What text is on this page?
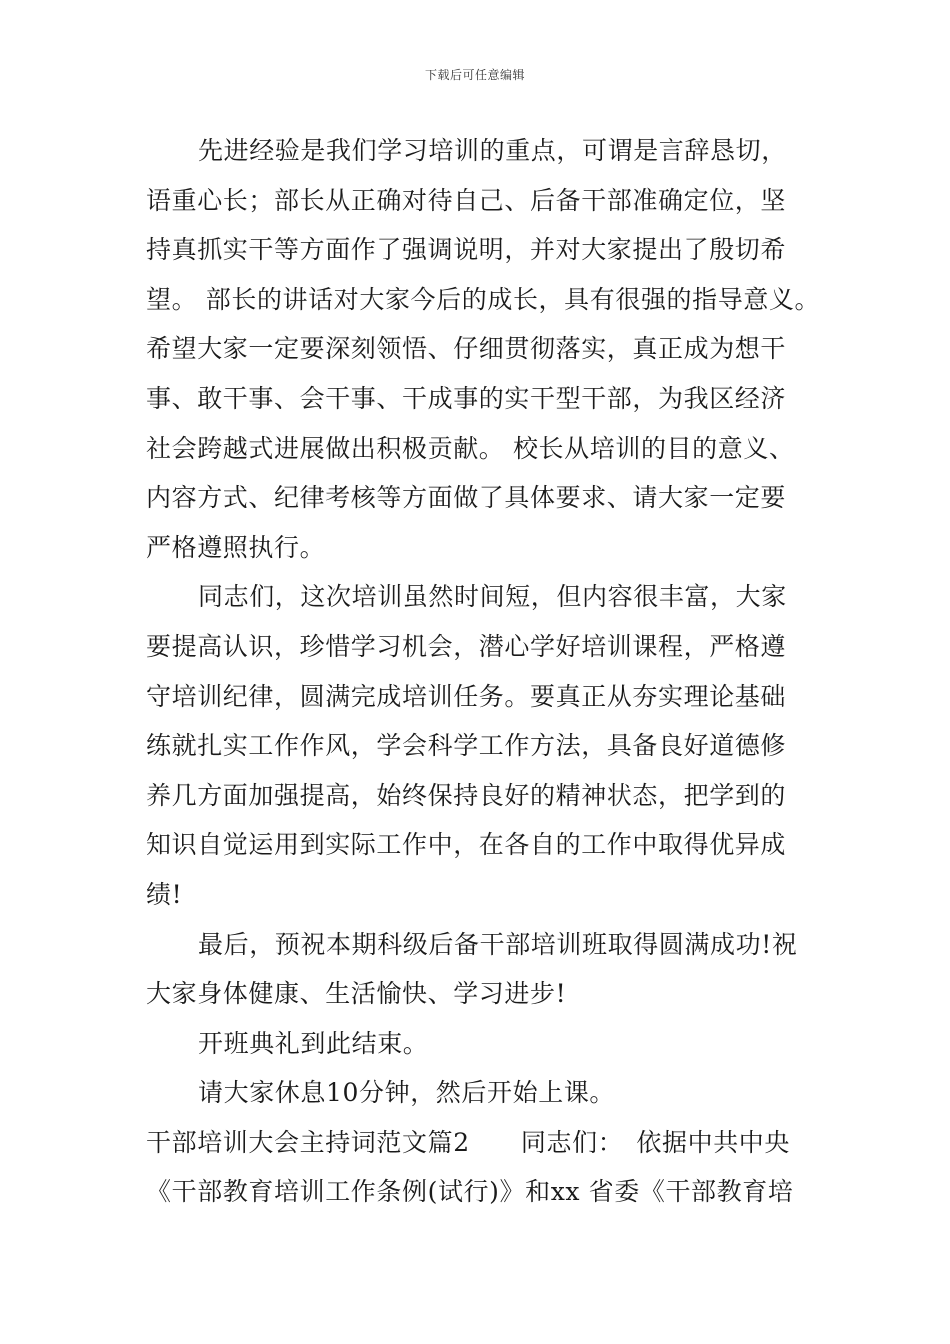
下载后可任意编辑
先进经验是我们学习培训的重点，可谓是言辞恳切，
语重心长；部长从正确对待自己、后备干部准确定位，坚
持真抓实干等方面作了强调说明，并对大家提出了殷切希
望。 部长的讲话对大家今后的成长，具有很强的指导意义。
希望大家一定要深刻领悟、仔细贯彻落实，真正成为想干
事、敢干事、会干事、干成事的实干型干部，为我区经济
社会跨越式进展做出积极贡献。 校长从培训的目的意义、
内容方式、纪律考核等方面做了具体要求、请大家一定要
严格遵照执行。
同志们，这次培训虽然时间短，但内容很丰富，大家
要提高认识，珍惜学习机会，潜心学好培训课程，严格遵
守培训纪律，圆满完成培训任务。要真正从夯实理论基础
练就扎实工作作风，学会科学工作方法，具备良好道德修
养几方面加强提高，始终保持良好的精神状态，把学到的
知识自觉运用到实际工作中，在各自的工作中取得优异成
绩!
最后，预祝本期科级后备干部培训班取得圆满成功!祝
大家身体健康、生活愉快、学习进步!
开班典礼到此结束。
请大家休息10分钟，然后开始上课。
干部培训大会主持词范文篇2　　同志们：　依据中共中央
《干部教育培训工作条例(试行)》和xx 省委《干部教育培
